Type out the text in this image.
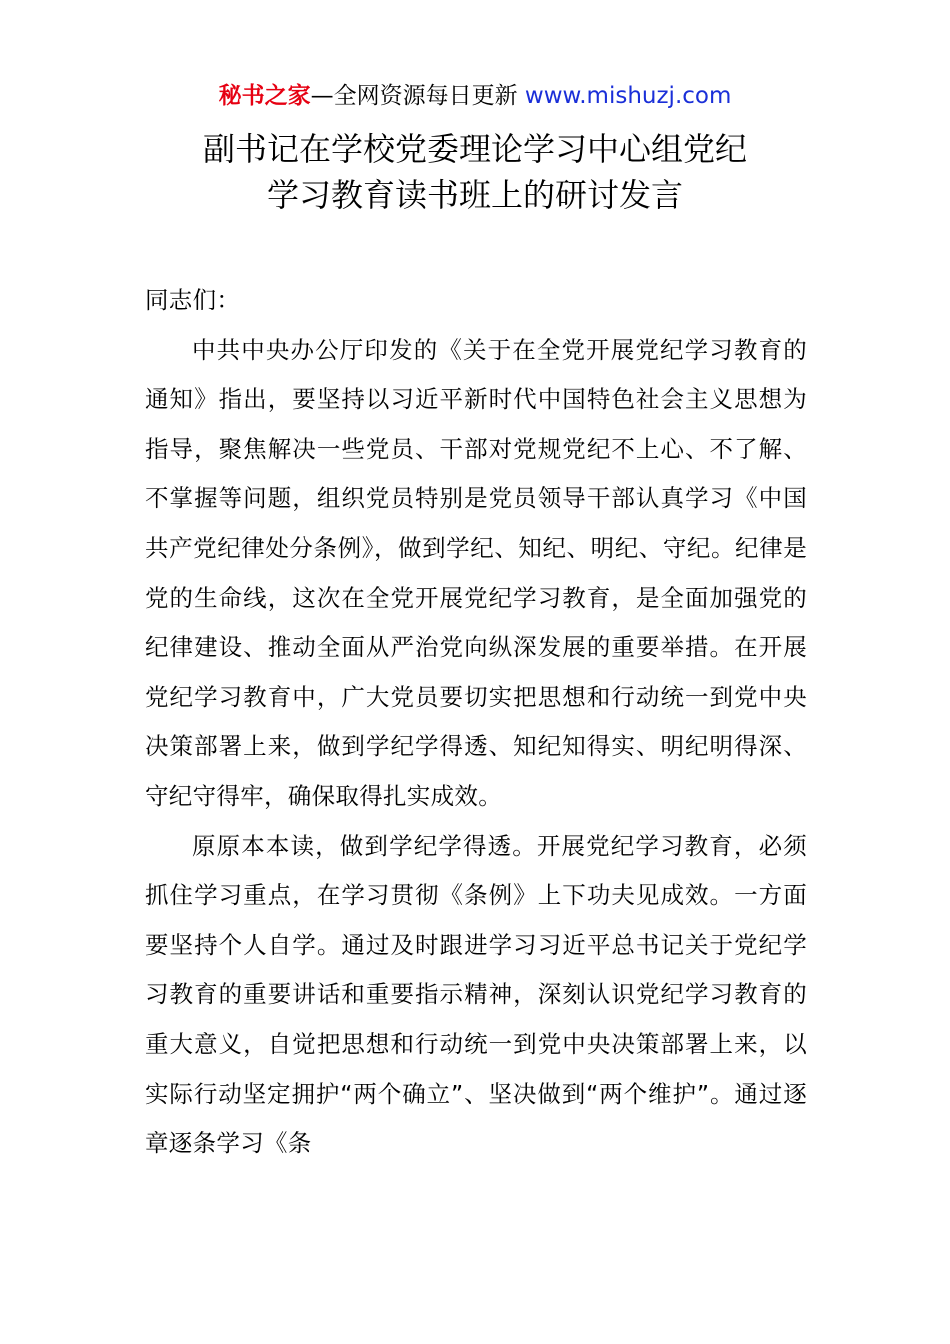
秘书之家—全网资源每日更新 www.mishuzj.com
副书记在学校党委理论学习中心组党纪
学习教育读书班上的研讨发言

同志们：

中共中央办公厅印发的《关于在全党开展党纪学习教育的通知》指出，要坚持以习近平新时代中国特色社会主义思想为指导，聚焦解决一些党员、干部对党规党纪不上心、不了解、不掌握等问题，组织党员特别是党员领导干部认真学习《中国共产党纪律处分条例》，做到学纪、知纪、明纪、守纪。纪律是党的生命线，这次在全党开展党纪学习教育，是全面加强党的纪律建设、推动全面从严治党向纵深发展的重要举措。在开展党纪学习教育中，广大党员要切实把思想和行动统一到党中央决策部署上来，做到学纪学得透、知纪知得实、明纪明得深、守纪守得牢，确保取得扎实成效。

原原本本读，做到学纪学得透。开展党纪学习教育，必须抓住学习重点，在学习贯彻《条例》上下功夫见成效。一方面要坚持个人自学。通过及时跟进学习习近平总书记关于党纪学习教育的重要讲话和重要指示精神，深刻认识党纪学习教育的重大意义，自觉把思想和行动统一到党中央决策部署上来，以实际行动坚定拥护“两个确立”、坚决做到“两个维护”。通过逐章逐条学习《条
